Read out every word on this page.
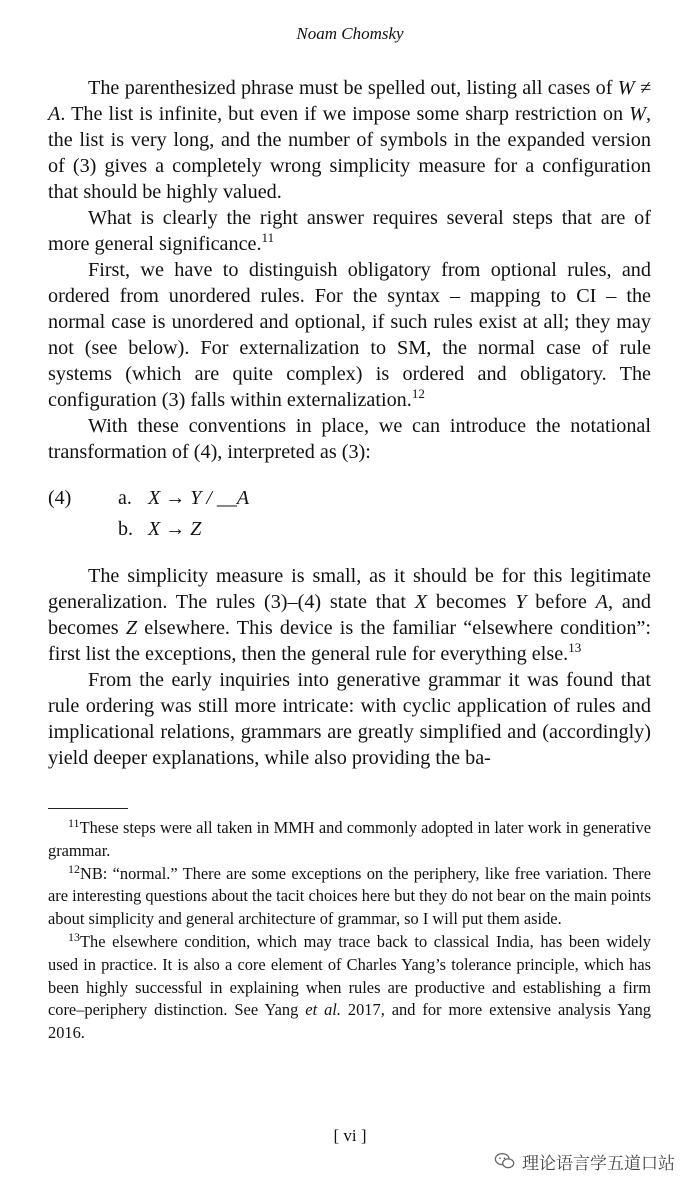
Noam Chomsky

The parenthesized phrase must be spelled out, listing all cases of W ≠ A. The list is infinite, but even if we impose some sharp restriction on W, the list is very long, and the number of symbols in the expanded version of (3) gives a completely wrong simplicity measure for a configuration that should be highly valued.

What is clearly the right answer requires several steps that are of more general significance.$^{11}$

First, we have to distinguish obligatory from optional rules, and ordered from unordered rules. For the syntax – mapping to CI – the normal case is unordered and optional, if such rules exist at all; they may not (see below). For externalization to SM, the normal case of rule systems (which are quite complex) is ordered and obligatory. The configuration (3) falls within externalization.$^{12}$

With these conventions in place, we can introduce the notational transformation of (4), interpreted as (3):

(4)	a. X → Y / __A
b. X → Z

The simplicity measure is small, as it should be for this legitimate generalization. The rules (3)–(4) state that X becomes Y before A, and becomes Z elsewhere. This device is the familiar “elsewhere condition”: first list the exceptions, then the general rule for everything else.$^{13}$

From the early inquiries into generative grammar it was found that rule ordering was still more intricate: with cyclic application of rules and implicational relations, grammars are greatly simplified and (accordingly) yield deeper explanations, while also providing the ba-

$^{11}$These steps were all taken in MMH and commonly adopted in later work in generative grammar.

$^{12}$NB: “normal.” There are some exceptions on the periphery, like free variation. There are interesting questions about the tacit choices here but they do not bear on the main points about simplicity and general architecture of grammar, so I will put them aside.

$^{13}$The elsewhere condition, which may trace back to classical India, has been widely used in practice. It is also a core element of Charles Yang’s tolerance principle, which has been highly successful in explaining when rules are productive and establishing a firm core–periphery distinction. See Yang et al. 2017, and for more extensive analysis Yang 2016.

[ vi ]
理论语言学五道口站
